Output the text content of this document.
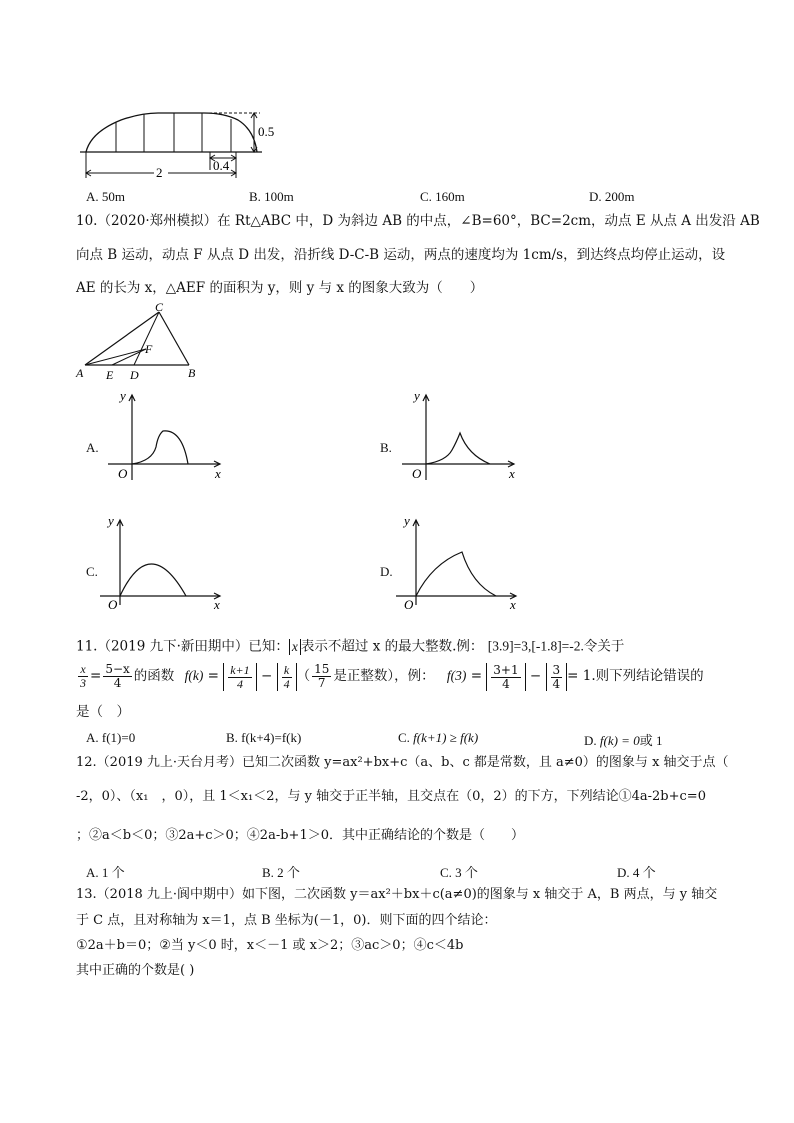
0.5
2	0.4
A. 50m	B. 100m	C. 160m	D. 200m
10.（2020·郑州模拟）在 Rt△ABC 中，D 为斜边 AB 的中点，∠B=60°，BC=2cm，动点 E 从点 A 出发沿 AB
向点 B 运动，动点 F 从点 D 出发，沿折线 D-C-B 运动，两点的速度均为 1cm/s，到达终点均停止运动，设
AE 的长为 x，△AEF 的面积为 y，则 y 与 x 的图象大致为（　　）
A E D	B
C
F
A.
y
x
O
B.
y
x
O
C.
y
x
O
D.
y
x
O
11.（2019 九下·新田期中）已知： x 表示不超过 x 的最大整数.例： [3.9]=3,[-1.8]=-2.令关于
$\frac{x}{3} = \frac{5-x}{4}$ 的函数 $f(k) = \frac{k+1}{4} - \frac{k}{4}$ （ $\frac{15}{7}$ 是正整数），例： $f(3) = \frac{3+1}{4} - \frac{3}{4} = 1$.则下列结论错误的
是（　）
A. f(1)=0	B. f(k+4)=f(k)	C. f(k+1) ≥ f(k)	D. f(k) = 0或 1
12.（2019 九上·天台月考）已知二次函数 y=ax²+bx+c（a、b、c 都是常数，且 a≠0）的图象与 x 轴交于点（
-2，0）、（x₁　，0），且 1＜x₁＜2，与 y 轴交于正半轴，且交点在（0，2）的下方，下列结论①4a-2b+c=0
；②a＜b＜0；③2a+c＞0；④2a-b+1＞0．其中正确结论的个数是（　　）
A. 1 个	B. 2 个	C. 3 个	D. 4 个
13.（2018 九上·阆中期中）如下图，二次函数 y＝ax²＋bx＋c(a≠0)的图象与 x 轴交于 A，B 两点，与 y 轴交
于 C 点，且对称轴为 x＝1，点 B 坐标为(－1，0)．则下面的四个结论：
①2a＋b＝0；②当 y＜0 时，x＜－1 或 x＞2；③ac＞0；④c＜4b
其中正确的个数是( )
